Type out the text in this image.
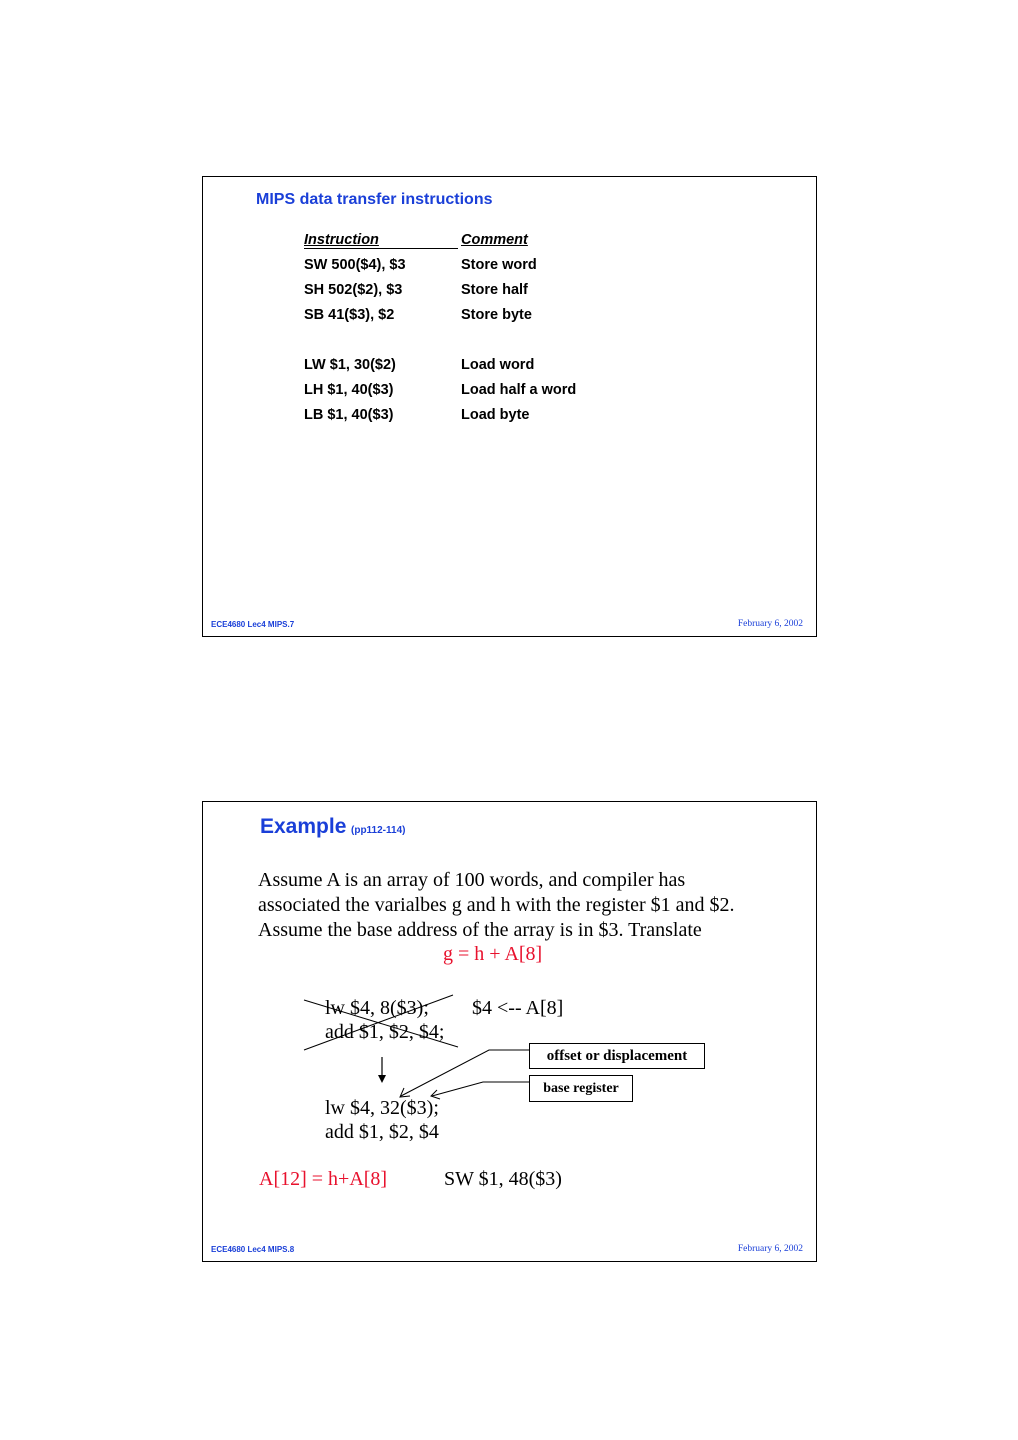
MIPS data transfer instructions
Instruction	Comment
SW 500($4), $3	Store word
SH 502($2), $3	Store half
SB 41($3), $2	Store byte
LW $1, 30($2)	Load word
LH $1, 40($3)	Load half a word
LB $1, 40($3)	Load byte
ECE4680 Lec4 MIPS.7	February 6, 2002
Example (pp112-114)
Assume A is an array of 100 words, and compiler has
associated the varialbes g and h with the register $1 and $2.
Assume the base address of the array is in $3. Translate
g = h + A[8]
lw $4, 8($3);
add $1, $2, $4;
$4 <-- A[8]
offset or displacement
base register
lw $4, 32($3);
add $1, $2, $4
A[12] = h+A[8]	SW $1, 48($3)
ECE4680 Lec4 MIPS.8	February 6, 2002
